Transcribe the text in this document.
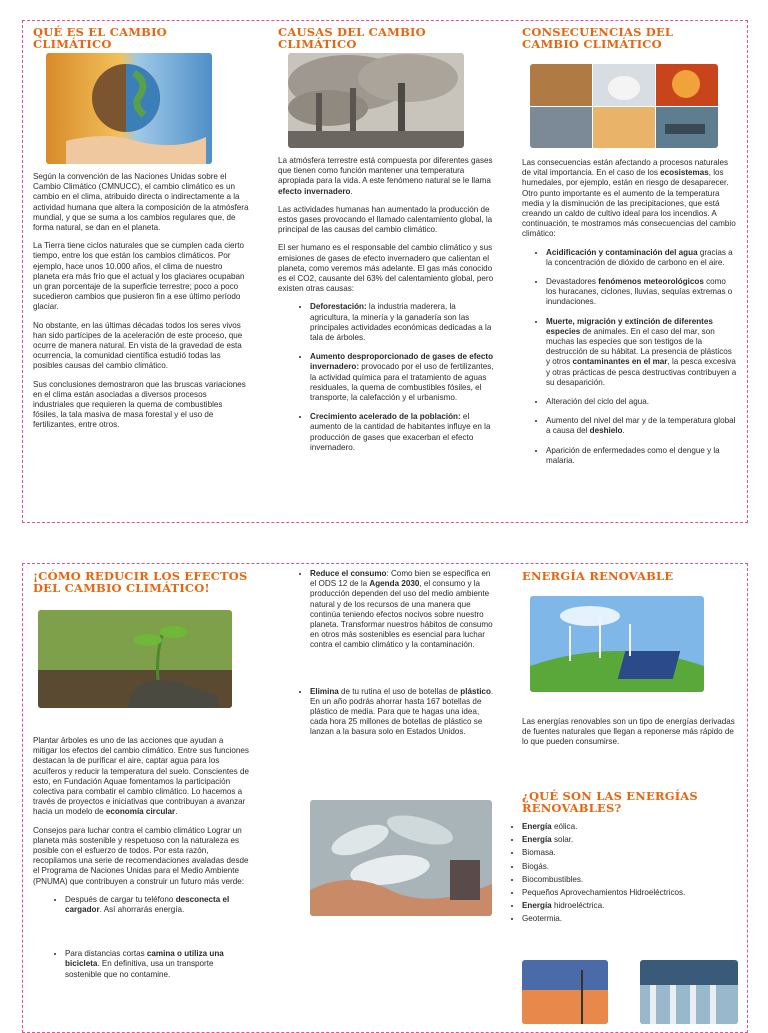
QUÉ ES EL CAMBIO CLIMÁTICO

Según la convención de las Naciones Unidas sobre el Cambio Climático (CMNUCC), el cambio climático es un cambio en el clima, atribuido directa o indirectamente a la actividad humana que altera la composición de la atmósfera mundial, y que se suma a los cambios regulares que, de forma natural, se dan en el planeta.

La Tierra tiene ciclos naturales que se cumplen cada cierto tiempo, entre los que están los cambios climáticos. Por ejemplo, hace unos 10.000 años, el clima de nuestro planeta era más frío que el actual y los glaciares ocupaban un gran porcentaje de la superficie terrestre; poco a poco sucedieron cambios que pusieron fin a ese último período glaciar.

No obstante, en las últimas décadas todos los seres vivos han sido partícipes de la aceleración de este proceso, que ocurre de manera natural. En vista de la gravedad de esta ocurrencia, la comunidad científica estudió todas las posibles causas del cambio climático.

Sus conclusiones demostraron que las bruscas variaciones en el clima están asociadas a diversos procesos industriales que requieren la quema de combustibles fósiles, la tala masiva de masa forestal y el uso de fertilizantes, entre otros.

CAUSAS DEL CAMBIO CLIMÁTICO

La atmósfera terrestre está compuesta por diferentes gases que tienen como función mantener una temperatura apropiada para la vida. A este fenómeno natural se le llama efecto invernadero.

Las actividades humanas han aumentado la producción de estos gases provocando el llamado calentamiento global, la principal de las causas del cambio climático.

El ser humano es el responsable del cambio climático y sus emisiones de gases de efecto invernadero que calientan el planeta, como veremos más adelante. El gas más conocido es el CO2, causante del 63% del calentamiento global, pero existen otras causas:

• Deforestación: la industria maderera, la agricultura, la minería y la ganadería son las principales actividades económicas dedicadas a la tala de árboles.
• Aumento desproporcionado de gases de efecto invernadero: provocado por el uso de fertilizantes, la actividad química para el tratamiento de aguas residuales, la quema de combustibles fósiles, el transporte, la calefacción y el urbanismo.
• Crecimiento acelerado de la población: el aumento de la cantidad de habitantes influye en la producción de gases que exacerban el efecto invernadero.
CONSECUENCIAS DEL CAMBIO CLIMÁTICO

Las consecuencias están afectando a procesos naturales de vital importancia. En el caso de los ecosistemas, los humedales, por ejemplo, están en riesgo de desaparecer. Otro punto importante es el aumento de la temperatura media y la disminución de las precipitaciones, que está creando un caldo de cultivo ideal para los incendios. A continuación, te mostramos más consecuencias del cambio climático:

• Acidificación y contaminación del agua gracias a la concentración de dióxido de carbono en el aire.
• Devastadores fenómenos meteorológicos como los huracanes, ciclones, lluvias, sequías extremas o inundaciones.
• Muerte, migración y extinción de diferentes especies de animales. En el caso del mar, son muchas las especies que son testigos de la destrucción de su hábitat. La presencia de plásticos y otros contaminantes en el mar, la pesca excesiva y otras prácticas de pesca destructivas contribuyen a su desaparición.
• Alteración del ciclo del agua.
• Aumento del nivel del mar y de la temperatura global a causa del deshielo.
• Aparición de enfermedades como el dengue y la malaria.
¡CÓMO REDUCIR LOS EFECTOS DEL CAMBIO CLIMÁTICO!

Plantar árboles es uno de las acciones que ayudan a mitigar los efectos del cambio climático. Entre sus funciones destacan la de purificar el aire, captar agua para los acuíferos y reducir la temperatura del suelo. Conscientes de esto, en Fundación Aquae fomentamos la participación colectiva para combatir el cambio climático. Lo hacemos a través de proyectos e iniciativas que contribuyan a avanzar hacia un modelo de economía circular.

Consejos para luchar contra el cambio climático Lograr un planeta más sostenible y respetuoso con la naturaleza es posible con el esfuerzo de todos. Por esta razón, recopilamos una serie de recomendaciones avaladas desde el Programa de Naciones Unidas para el Medio Ambiente (PNUMA) que contribuyen a construir un futuro más verde:

• Después de cargar tu teléfono desconecta el cargador. Así ahorrarás energía.
• Para distancias cortas camina o utiliza una bicicleta. En definitiva, usa un transporte sostenible que no contamine.
• Reduce el consumo: Como bien se especifica en el ODS 12 de la Agenda 2030, el consumo y la producción dependen del uso del medio ambiente natural y de los recursos de una manera que continúa teniendo efectos nocivos sobre nuestro planeta. Transformar nuestros hábitos de consumo en otros más sostenibles es esencial para luchar contra el cambio climático y la contaminación.
• Elimina de tu rutina el uso de botellas de plástico. En un año podrás ahorrar hasta 167 botellas de plástico de media. Para que te hagas una idea, cada hora 25 millones de botellas de plástico se lanzan a la basura solo en Estados Unidos.
ENERGÍA RENOVABLE

Las energías renovables son un tipo de energías derivadas de fuentes naturales que llegan a reponerse más rápido de lo que pueden consumirse.

¿QUÉ SON LAS ENERGÍAS RENOVABLES?
• Energía eólica.
• Energía solar.
• Biomasa.
• Biogás.
• Biocombustibles.
• Pequeños Aprovechamientos Hidroeléctricos.
• Energía hidroeléctrica.
• Geotermia.
